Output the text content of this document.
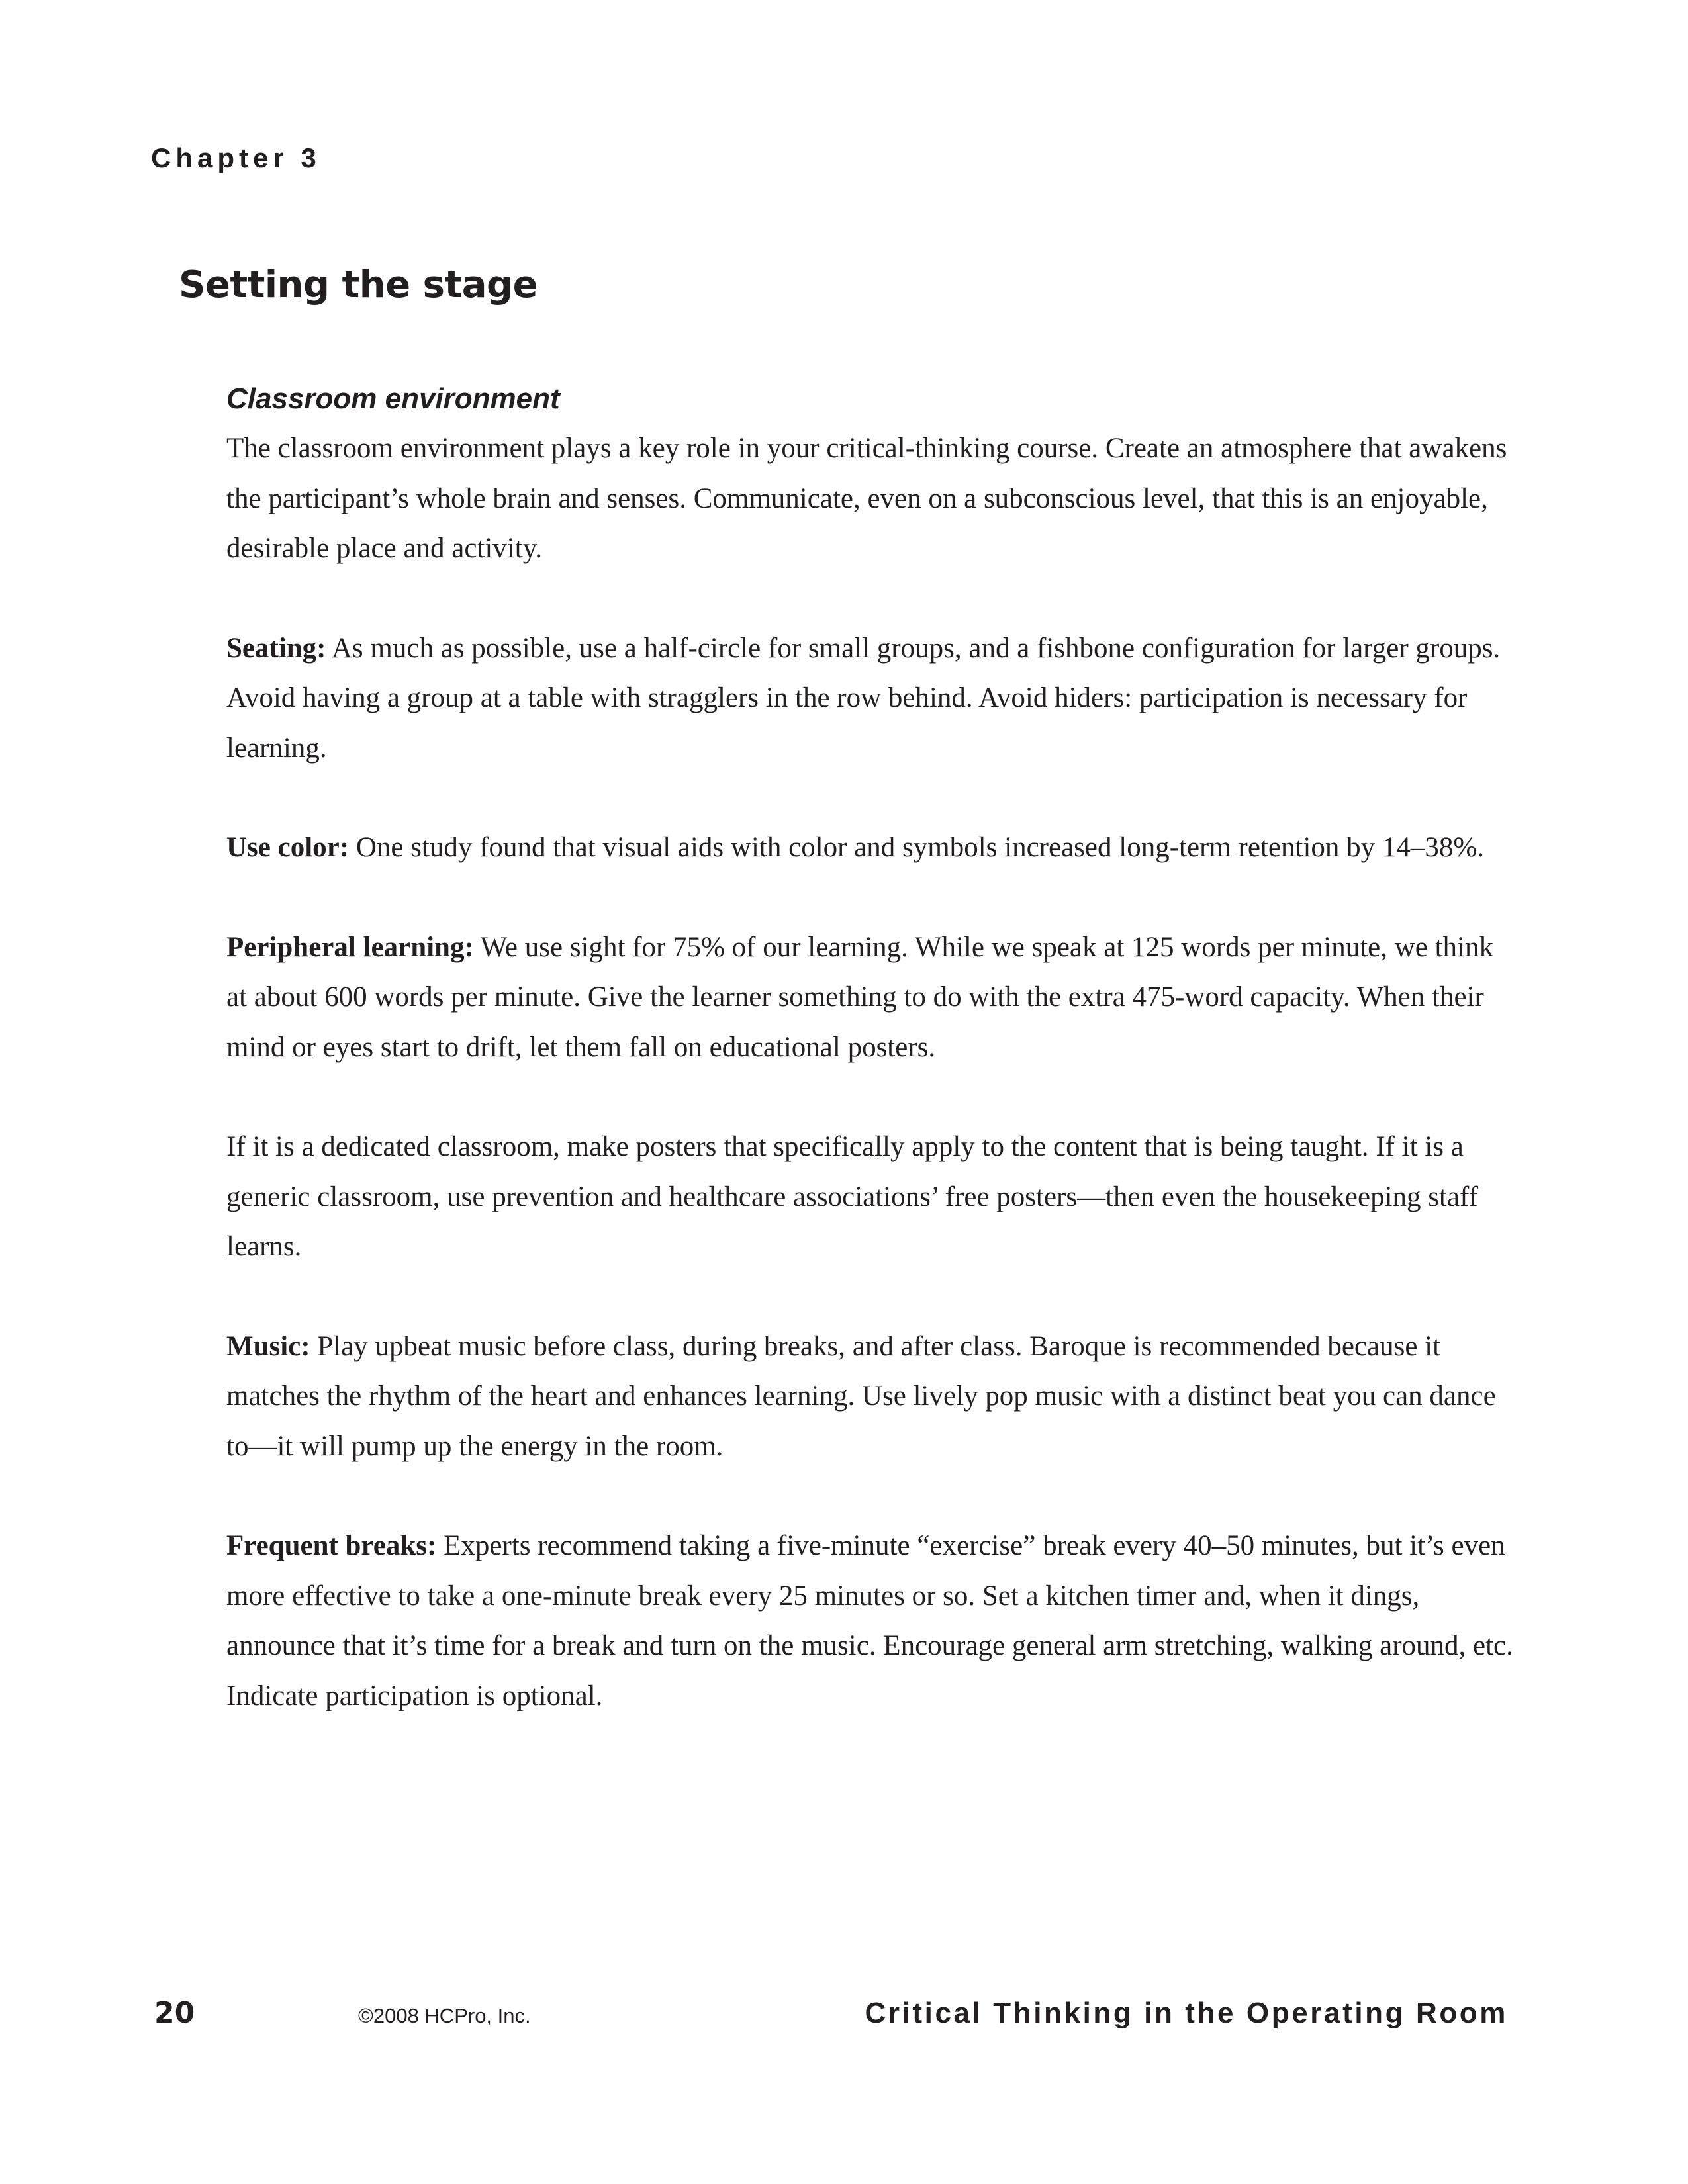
Chapter 3
Setting the stage
Classroom environment

The classroom environment plays a key role in your critical-thinking course. Create an atmosphere that awakens the participant’s whole brain and senses. Communicate, even on a subconscious level, that this is an enjoyable, desirable place and activity.

Seating: As much as possible, use a half-circle for small groups, and a fishbone configuration for larger groups. Avoid having a group at a table with stragglers in the row behind. Avoid hiders: participation is necessary for learning.

Use color: One study found that visual aids with color and symbols increased long-term retention by 14–38%.

Peripheral learning: We use sight for 75% of our learning. While we speak at 125 words per minute, we think at about 600 words per minute. Give the learner something to do with the extra 475-word capacity. When their mind or eyes start to drift, let them fall on educational posters.

If it is a dedicated classroom, make posters that specifically apply to the content that is being taught. If it is a generic classroom, use prevention and healthcare associations’ free posters—then even the housekeeping staff learns.

Music: Play upbeat music before class, during breaks, and after class. Baroque is recommended because it matches the rhythm of the heart and enhances learning. Use lively pop music with a distinct beat you can dance to—it will pump up the energy in the room.

Frequent breaks: Experts recommend taking a five-minute “exercise” break every 40–50 minutes, but it’s even more effective to take a one-minute break every 25 minutes or so. Set a kitchen timer and, when it dings, announce that it’s time for a break and turn on the music. Encourage general arm stretching, walking around, etc. Indicate participation is optional.

20	©2008 HCPro, Inc.	Critical Thinking in the Operating Room
